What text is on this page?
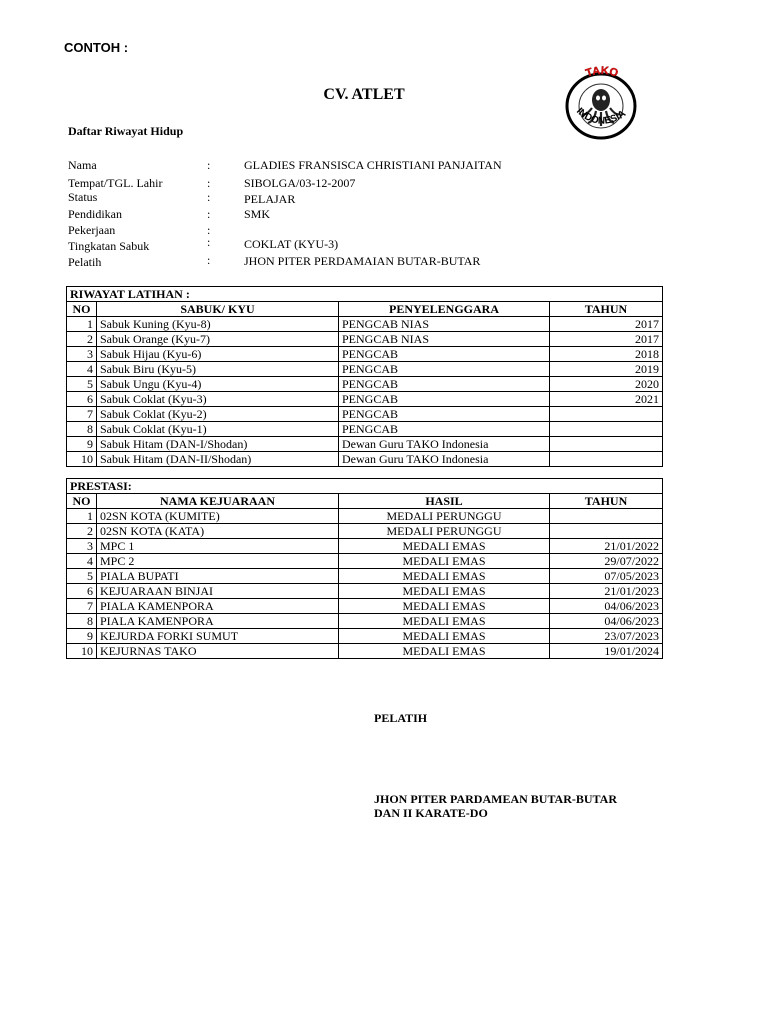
CONTOH :
CV. ATLET
Daftar Riwayat Hidup
TAKO
INDONESIA
Nama	:	GLADIES FRANSISCA CHRISTIANI PANJAITAN
Tempat/TGL. Lahir	:	SIBOLGA/03-12-2007
Status	:	PELAJAR
Pendidikan	:	SMK
Pekerjaan	:
Tingkatan Sabuk	:	COKLAT (KYU-3)
Pelatih	:	JHON PITER PERDAMAIAN BUTAR-BUTAR
RIWAYAT LATIHAN :			
NO	SABUK/ KYU	PENYELENGGARA	TAHUN
1	Sabuk Kuning (Kyu-8)	PENGCAB NIAS	2017
2	Sabuk Orange (Kyu-7)	PENGCAB NIAS	2017
3	Sabuk Hijau (Kyu-6)	PENGCAB	2018
4	Sabuk Biru (Kyu-5)	PENGCAB	2019
5	Sabuk Ungu (Kyu-4)	PENGCAB	2020
6	Sabuk Coklat (Kyu-3)	PENGCAB	2021
7	Sabuk Coklat (Kyu-2)	PENGCAB	
8	Sabuk Coklat (Kyu-1)	PENGCAB	
9	Sabuk Hitam (DAN-I/Shodan)	Dewan Guru TAKO Indonesia	
10	Sabuk Hitam (DAN-II/Shodan)	Dewan Guru TAKO Indonesia	
PRESTASI:			
NO	NAMA KEJUARAAN	HASIL	TAHUN
1	02SN KOTA (KUMITE)	MEDALI PERUNGGU	
2	02SN KOTA (KATA)	MEDALI PERUNGGU	
3	MPC 1	MEDALI EMAS	21/01/2022
4	MPC 2	MEDALI EMAS	29/07/2022
5	PIALA BUPATI	MEDALI EMAS	07/05/2023
6	KEJUARAAN BINJAI	MEDALI EMAS	21/01/2023
7	PIALA KAMENPORA	MEDALI EMAS	04/06/2023
8	PIALA KAMENPORA	MEDALI EMAS	04/06/2023
9	KEJURDA FORKI SUMUT	MEDALI EMAS	23/07/2023
10	KEJURNAS TAKO	MEDALI EMAS	19/01/2024
PELATIH
JHON PITER PARDAMEAN BUTAR-BUTAR
DAN II KARATE-DO
